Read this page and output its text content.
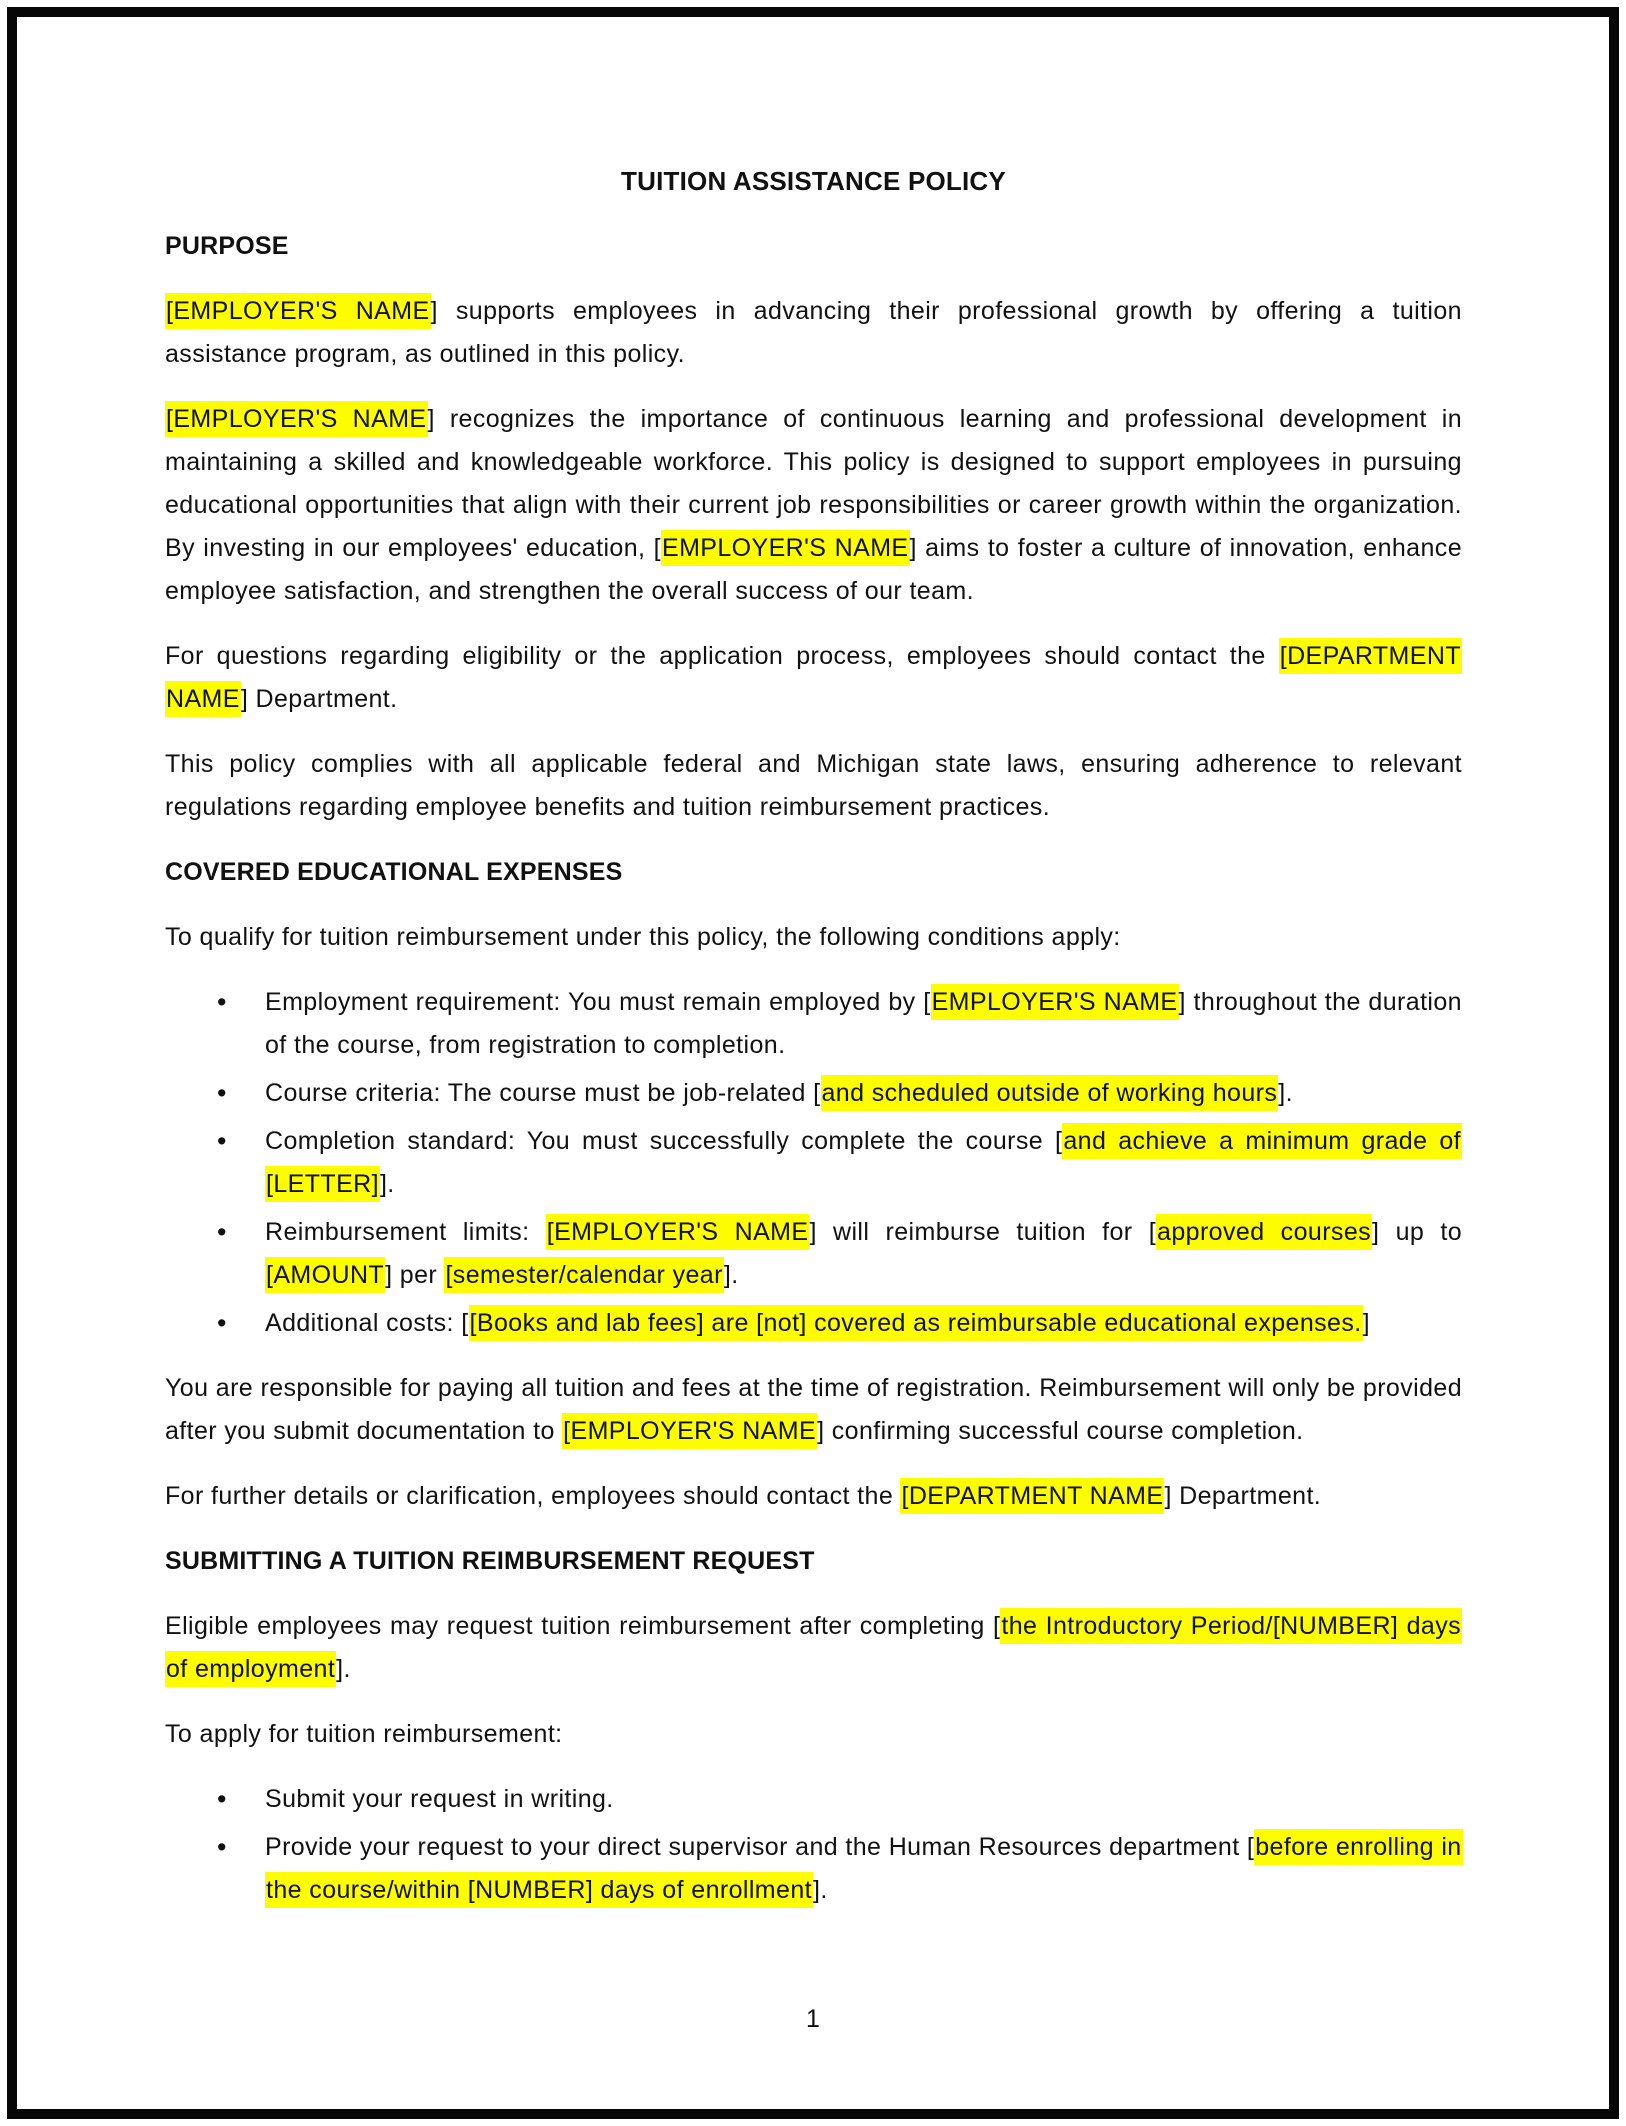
TUITION ASSISTANCE POLICY
PURPOSE

[EMPLOYER'S NAME] supports employees in advancing their professional growth by offering a tuition assistance program, as outlined in this policy.

[EMPLOYER'S NAME] recognizes the importance of continuous learning and professional development in maintaining a skilled and knowledgeable workforce. This policy is designed to support employees in pursuing educational opportunities that align with their current job responsibilities or career growth within the organization. By investing in our employees' education, [EMPLOYER'S NAME] aims to foster a culture of innovation, enhance employee satisfaction, and strengthen the overall success of our team.

For questions regarding eligibility or the application process, employees should contact the [DEPARTMENT NAME] Department.

This policy complies with all applicable federal and Michigan state laws, ensuring adherence to relevant regulations regarding employee benefits and tuition reimbursement practices.

COVERED EDUCATIONAL EXPENSES

To qualify for tuition reimbursement under this policy, the following conditions apply:

• Employment requirement: You must remain employed by [EMPLOYER'S NAME] throughout the duration of the course, from registration to completion.
• Course criteria: The course must be job-related [and scheduled outside of working hours].
• Completion standard: You must successfully complete the course [and achieve a minimum grade of [LETTER]].
• Reimbursement limits: [EMPLOYER'S NAME] will reimburse tuition for [approved courses] up to [AMOUNT] per [semester/calendar year].
• Additional costs: [[Books and lab fees] are [not] covered as reimbursable educational expenses.]

You are responsible for paying all tuition and fees at the time of registration. Reimbursement will only be provided after you submit documentation to [EMPLOYER'S NAME] confirming successful course completion.

For further details or clarification, employees should contact the [DEPARTMENT NAME] Department.

SUBMITTING A TUITION REIMBURSEMENT REQUEST

Eligible employees may request tuition reimbursement after completing [the Introductory Period/[NUMBER] days of employment].

To apply for tuition reimbursement:

• Submit your request in writing.
• Provide your request to your direct supervisor and the Human Resources department [before enrolling in the course/within [NUMBER] days of enrollment].
1
